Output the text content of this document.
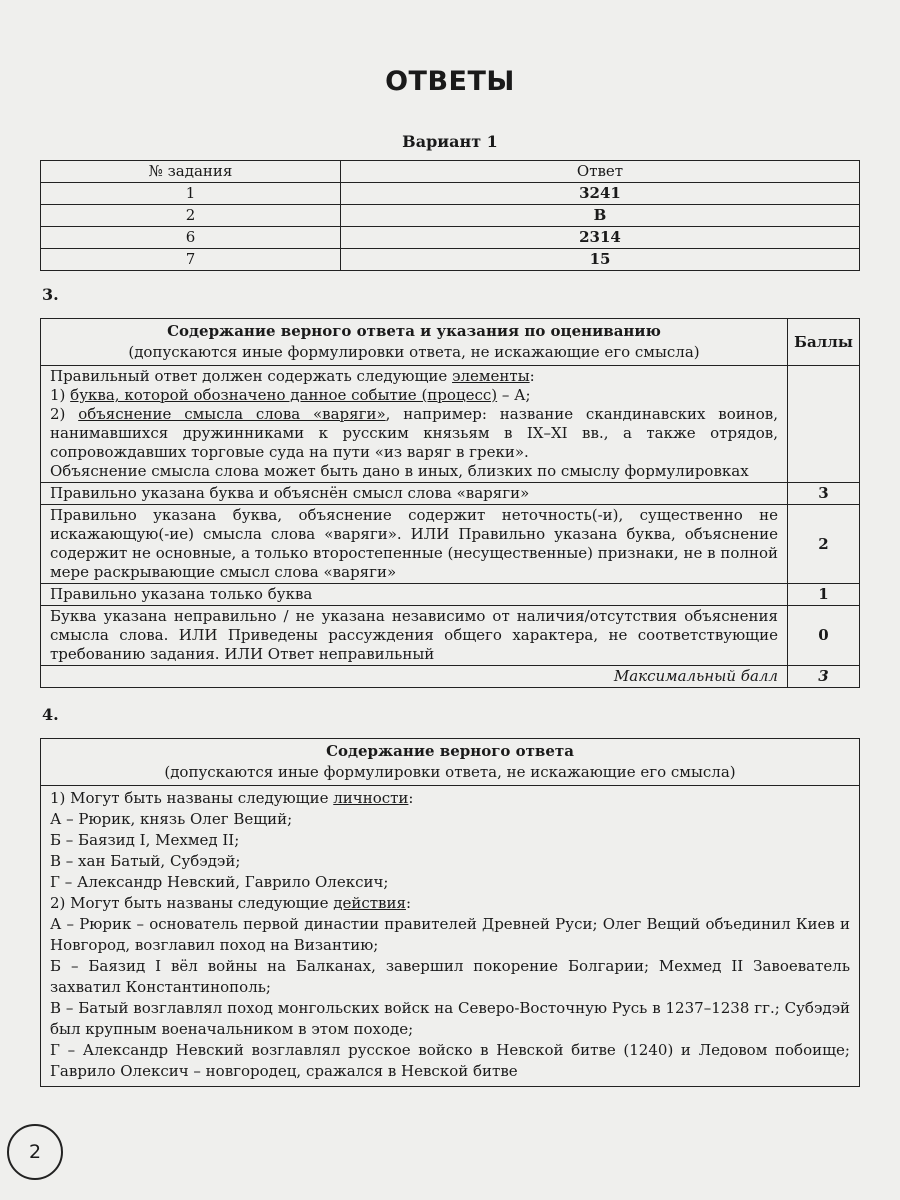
ОТВЕТЫ
Вариант 1
№ задания	Ответ
1	3241
2	В
6	2314
7	15
3.
Содержание верного ответа и указания по оцениванию
(допускаются иные формулировки ответа, не искажающие его смысла)	Баллы

Правильный ответ должен содержать следующие элементы:
1) буква, которой обозначено данное событие (процесс) – А;
2) объяснение смысла слова «варяги», например: название скандинавских воинов, нанимавшихся дружинниками к русским князьям в IX–XI вв., а также отрядов, сопровождавших торговые суда на пути «из варяг в греки».
Объяснение смысла слова может быть дано в иных, близких по смыслу формулировках	

Правильно указана буква и объяснён смысл слова «варяги»	3
Правильно указана буква, объяснение содержит неточность(-и), существенно не искажающую(-ие) смысла слова «варяги». ИЛИ Правильно указана буква, объяснение содержит не основные, а только второстепенные (несущественные) признаки, не в полной мере раскрывающие смысл слова «варяги»	2
Правильно указана только буква	1
Буква указана неправильно / не указана независимо от наличия/отсутствия объяснения смысла слова. ИЛИ Приведены рассуждения общего характера, не соответствующие требованию задания. ИЛИ Ответ неправильный	0
Максимальный балл	3
4.
Содержание верного ответа
(допускаются иные формулировки ответа, не искажающие его смысла)

1) Могут быть названы следующие личности:
А – Рюрик, князь Олег Вещий;
Б – Баязид I, Мехмед II;
В – хан Батый, Субэдэй;
Г – Александр Невский, Гаврило Олексич;
2) Могут быть названы следующие действия:
А – Рюрик – основатель первой династии правителей Древней Руси; Олег Вещий объединил Киев и Новгород, возглавил поход на Византию;
Б – Баязид I вёл войны на Балканах, завершил покорение Болгарии; Мехмед II Завоеватель захватил Константинополь;
В – Батый возглавлял поход монгольских войск на Северо-Восточную Русь в 1237–1238 гг.; Субэдэй был крупным военачальником в этом походе;
Г – Александр Невский возглавлял русское войско в Невской битве (1240) и Ледовом побоище; Гаврило Олексич – новгородец, сражался в Невской битве
2
